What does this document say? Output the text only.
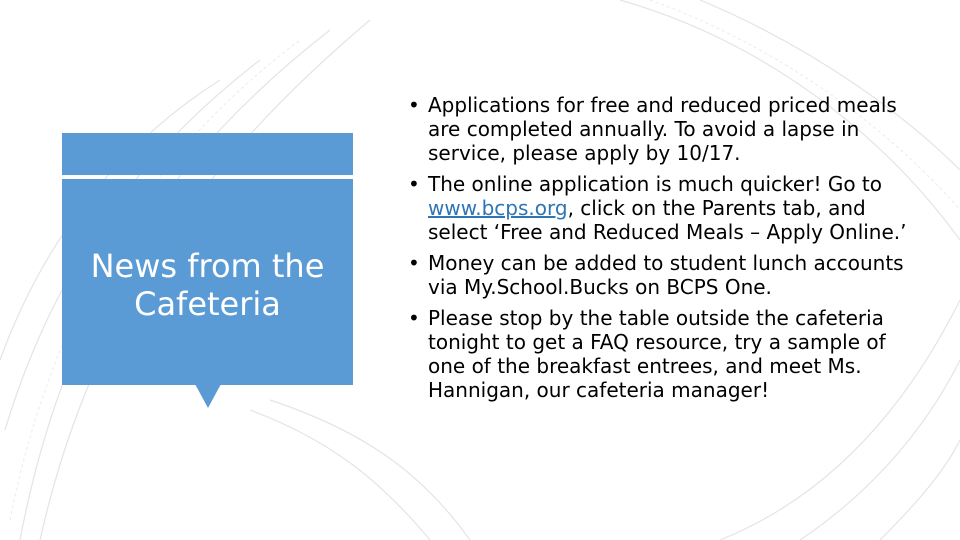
News from the Cafeteria
• Applications for free and reduced priced meals are completed annually. To avoid a lapse in service, please apply by 10/17.
• The online application is much quicker! Go to www.bcps.org, click on the Parents tab, and select ‘Free and Reduced Meals – Apply Online.’
• Money can be added to student lunch accounts via My.School.Bucks on BCPS One.
• Please stop by the table outside the cafeteria tonight to get a FAQ resource, try a sample of one of the breakfast entrees, and meet Ms. Hannigan, our cafeteria manager!
